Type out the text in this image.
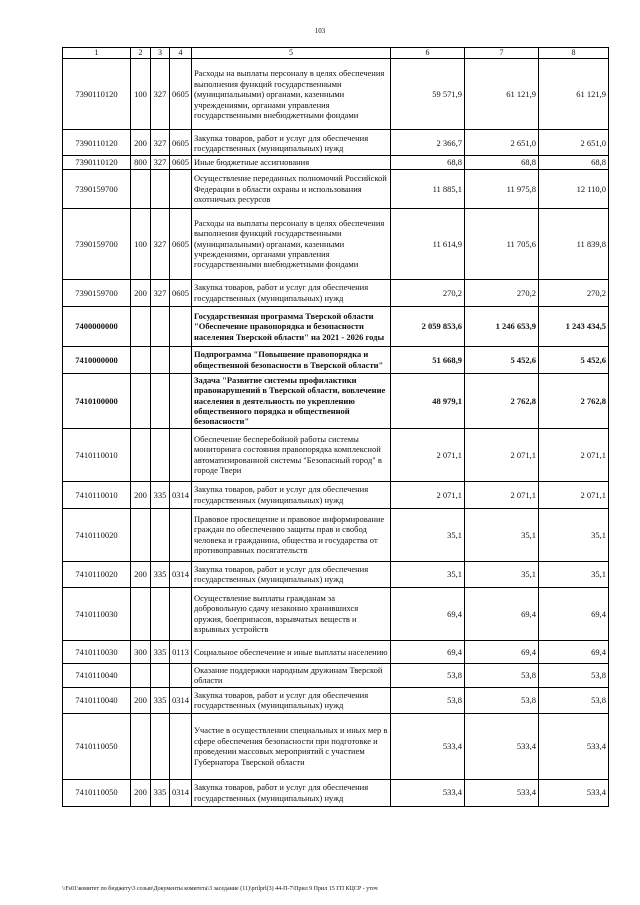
103
1	2	3	4	5	6	7	8
7390110120	100	327	0605	Расходы на выплаты персоналу в целях обеспечения выполнения функций государственными (муниципальными) органами, казенными учреждениями, органами управления государственными внебюджетными фондами	59 571,9	61 121,9	61 121,9
7390110120	200	327	0605	Закупка товаров, работ и услуг для обеспечения государственных (муниципальных) нужд	2 366,7	2 651,0	2 651,0
7390110120	800	327	0605	Иные бюджетные ассигнования	68,8	68,8	68,8
7390159700				Осуществление переданных полномочий Российской Федерации в области охраны и использования охотничьих ресурсов	11 885,1	11 975,8	12 110,0
7390159700	100	327	0605	Расходы на выплаты персоналу в целях обеспечения выполнения функций государственными (муниципальными) органами, казенными учреждениями, органами управления государственными внебюджетными фондами	11 614,9	11 705,6	11 839,8
7390159700	200	327	0605	Закупка товаров, работ и услуг для обеспечения государственных (муниципальных) нужд	270,2	270,2	270,2
7400000000				Государственная программа Тверской области "Обеспечение правопорядка и безопасности населения Тверской области" на 2021 - 2026 годы	2 059 853,6	1 246 653,9	1 243 434,5
7410000000				Подпрограмма "Повышение правопорядка и общественной безопасности в Тверской области"	51 668,9	5 452,6	5 452,6
7410100000				Задача "Развитие системы профилактики правонарушений в Тверской области, вовлечение населения в деятельность по укреплению общественного порядка и общественной безопасности"	48 979,1	2 762,8	2 762,8
7410110010				Обеспечение бесперебойной работы системы мониторинга состояния правопорядка комплексной автоматизированной системы "Безопасный город" в городе Твери	2 071,1	2 071,1	2 071,1
7410110010	200	335	0314	Закупка товаров, работ и услуг для обеспечения государственных (муниципальных) нужд	2 071,1	2 071,1	2 071,1
7410110020				Правовое просвещение и правовое информирование граждан по обеспечению защиты прав и свобод человека и гражданина, общества и государства от противоправных посягательств	35,1	35,1	35,1
7410110020	200	335	0314	Закупка товаров, работ и услуг для обеспечения государственных (муниципальных) нужд	35,1	35,1	35,1
7410110030				Осуществление выплаты гражданам за добровольную сдачу незаконно хранившихся оружия, боеприпасов, взрывчатых веществ и взрывных устройств	69,4	69,4	69,4
7410110030	300	335	0113	Социальное обеспечение и иные выплаты населению	69,4	69,4	69,4
7410110040				Оказание поддержки народным дружинам Тверской области	53,8	53,8	53,8
7410110040	200	335	0314	Закупка товаров, работ и услуг для обеспечения государственных (муниципальных) нужд	53,8	53,8	53,8
7410110050				Участие в осуществлении специальных и иных мер в сфере обеспечения безопасности при подготовке и проведении массовых мероприятий с участием Губернатора Тверской области	533,4	533,4	533,4
7410110050	200	335	0314	Закупка товаров, работ и услуг для обеспечения государственных (муниципальных) нужд	533,4	533,4	533,4
\\Fs01\комитет по бюджету\3 созыв\Документы комитета\3 заседание (11)\prilprl(3) 44-П-7\Прил 9 Прил 15 ГП КЦСР - уточ
